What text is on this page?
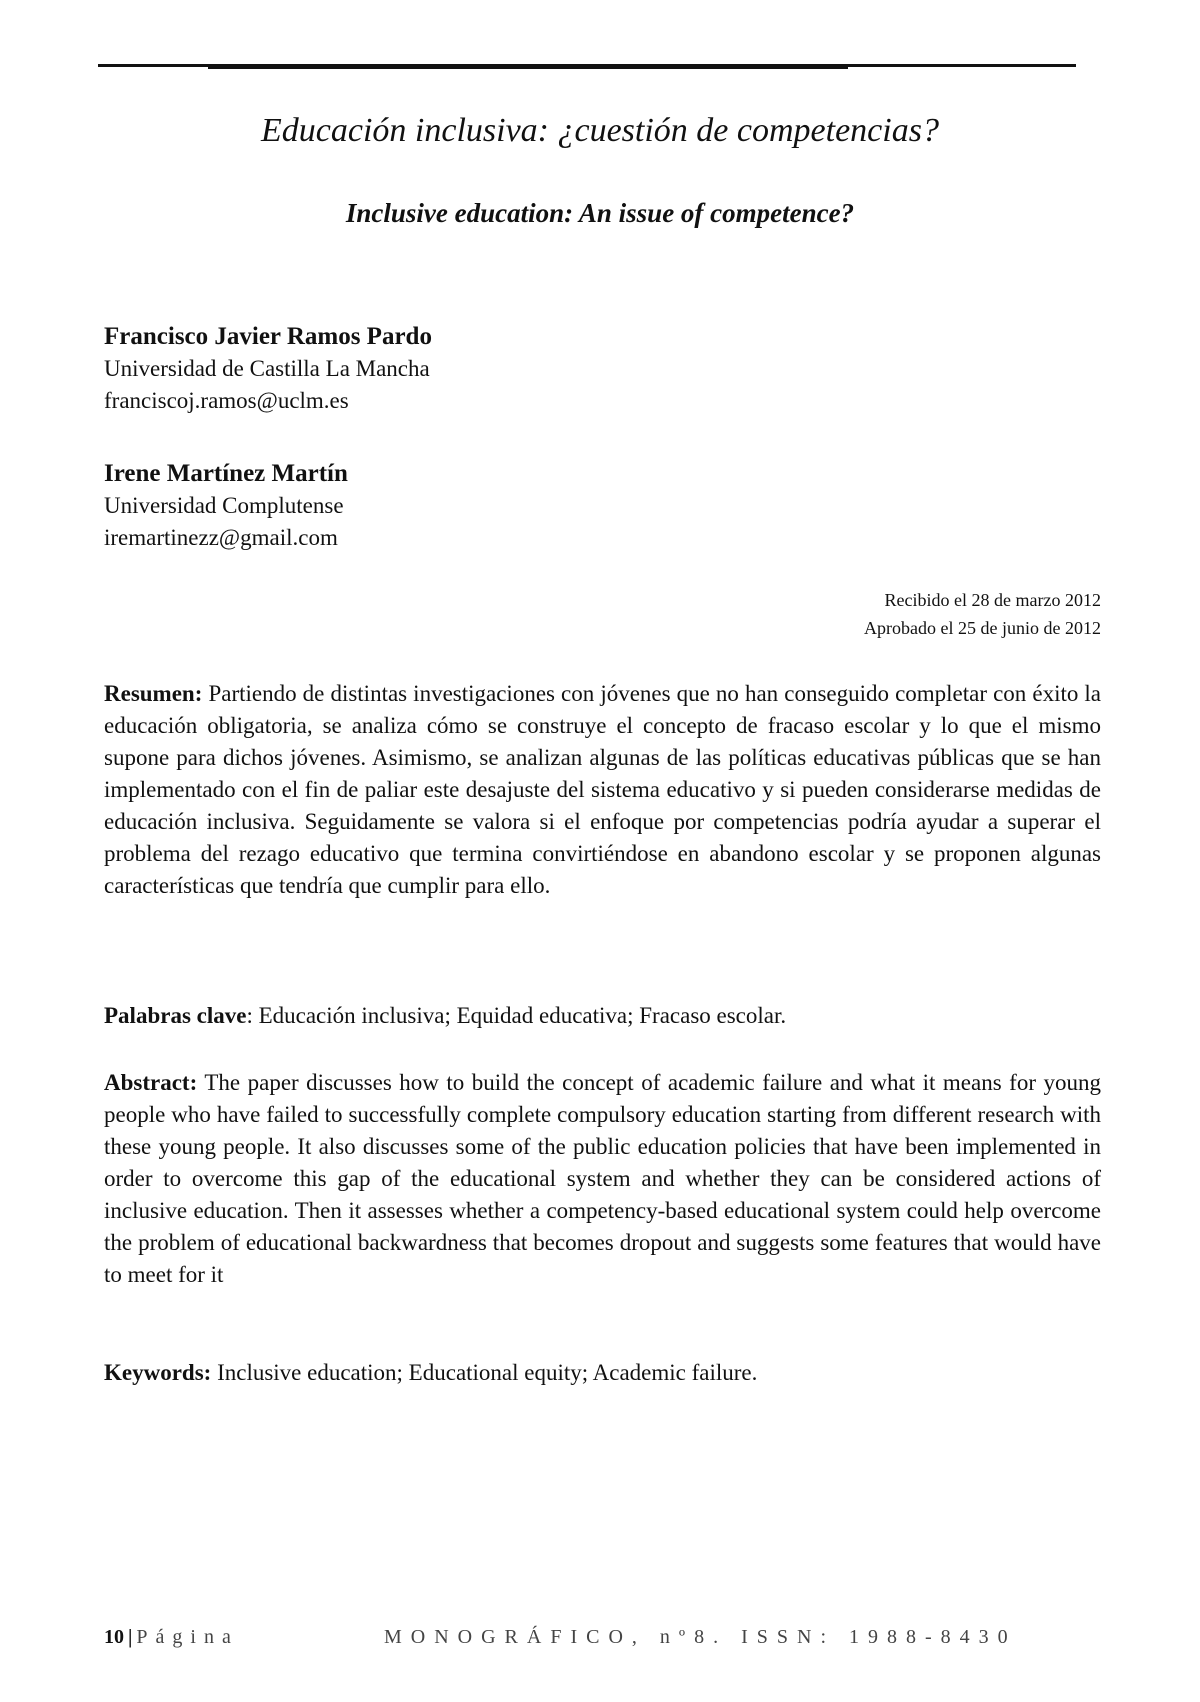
Educación inclusiva: ¿cuestión de competencias?
Inclusive education: An issue of competence?
Francisco Javier Ramos Pardo
Universidad de Castilla La Mancha
franciscoj.ramos@uclm.es
Irene Martínez Martín
Universidad Complutense
iremartinezz@gmail.com
Recibido el 28 de marzo 2012
Aprobado el 25 de junio de 2012

Resumen: Partiendo de distintas investigaciones con jóvenes que no han conseguido completar con éxito la educación obligatoria, se analiza cómo se construye el concepto de fracaso escolar y lo que el mismo supone para dichos jóvenes. Asimismo, se analizan algunas de las políticas educativas públicas que se han implementado con el fin de paliar este desajuste del sistema educativo y si pueden considerarse medidas de educación inclusiva. Seguidamente se valora si el enfoque por competencias podría ayudar a superar el problema del rezago educativo que termina convirtiéndose en abandono escolar y se proponen algunas características que tendría que cumplir para ello.

Palabras clave: Educación inclusiva; Equidad educativa; Fracaso escolar.

Abstract: The paper discusses how to build the concept of academic failure and what it means for young people who have failed to successfully complete compulsory education starting from different research with these young people. It also discusses some of the public education policies that have been implemented in order to overcome this gap of the educational system and whether they can be considered actions of inclusive education. Then it assesses whether a competency-based educational system could help overcome the problem of educational backwardness that becomes dropout and suggests some features that would have to meet for it

Keywords: Inclusive education; Educational equity; Academic failure.

10 | Página	MONOGRÁFICO, nº8. ISSN: 1988-8430
